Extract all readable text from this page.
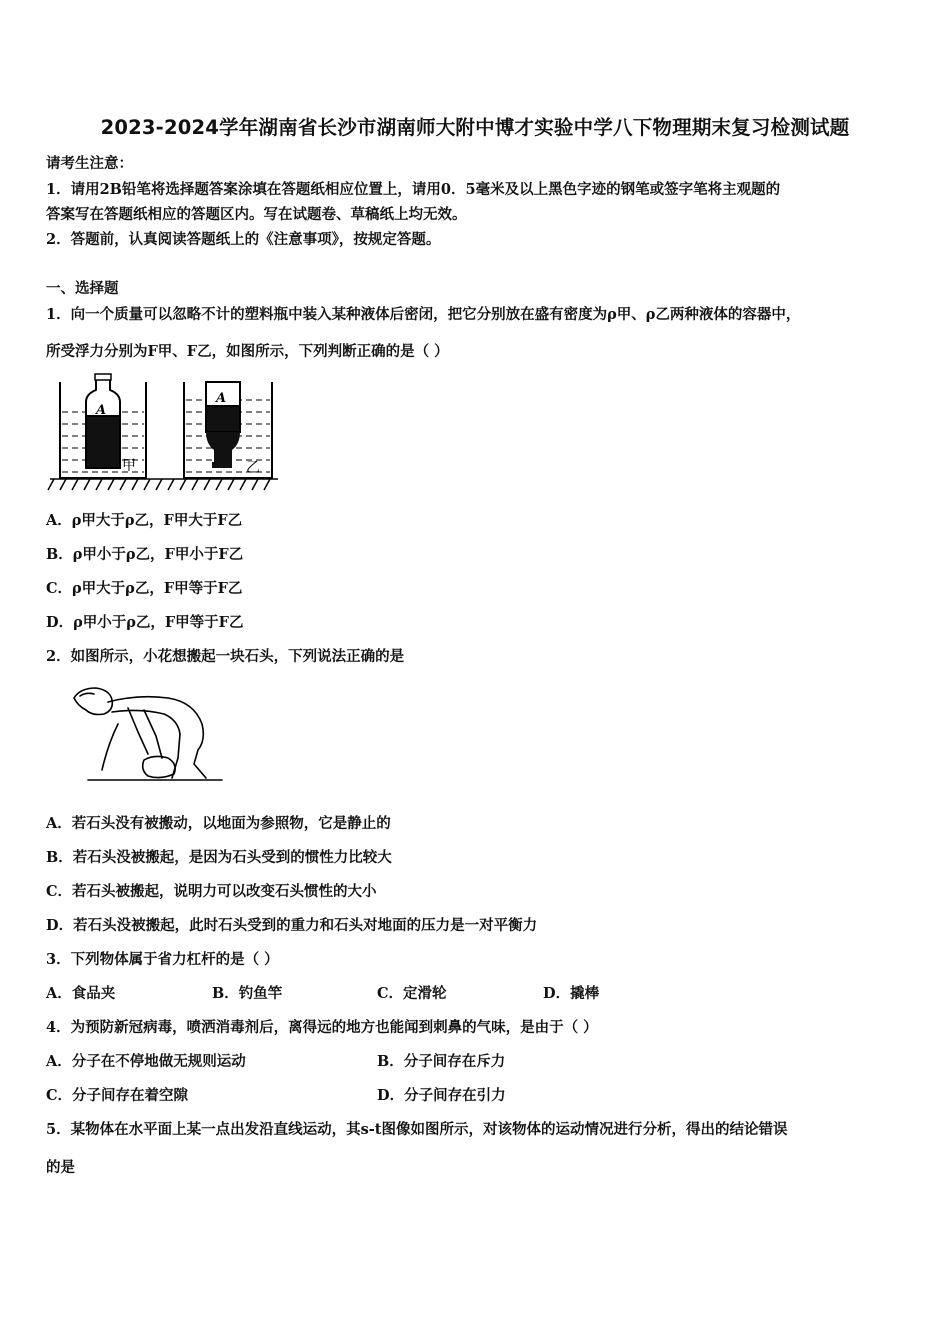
2023-2024学年湖南省长沙市湖南师大附中博才实验中学八下物理期末复习检测试题
请考生注意：
1．请用2B铅笔将选择题答案涂填在答题纸相应位置上，请用0．5毫米及以上黑色字迹的钢笔或签字笔将主观题的
答案写在答题纸相应的答题区内。写在试题卷、草稿纸上均无效。
2．答题前，认真阅读答题纸上的《注意事项》，按规定答题。
一、选择题
1．向一个质量可以忽略不计的塑料瓶中装入某种液体后密闭，把它分别放在盛有密度为ρ甲、ρ乙两种液体的容器中，
所受浮力分别为F甲、F乙，如图所示，下列判断正确的是（ ）
A
A
甲	乙
A．ρ甲大于ρ乙，F甲大于F乙
B．ρ甲小于ρ乙，F甲小于F乙
C．ρ甲大于ρ乙，F甲等于F乙
D．ρ甲小于ρ乙，F甲等于F乙
2．如图所示，小花想搬起一块石头，下列说法正确的是
A．若石头没有被搬动，以地面为参照物，它是静止的
B．若石头没被搬起，是因为石头受到的惯性力比较大
C．若石头被搬起，说明力可以改变石头惯性的大小
D．若石头没被搬起，此时石头受到的重力和石头对地面的压力是一对平衡力
3．下列物体属于省力杠杆的是（ ）
A．食品夹	B．钓鱼竿	C．定滑轮	D．撬棒
4．为预防新冠病毒，喷洒消毒剂后，离得远的地方也能闻到刺鼻的气味，是由于（ ）
A．分子在不停地做无规则运动	B．分子间存在斥力
C．分子间存在着空隙	D．分子间存在引力
5．某物体在水平面上某一点出发沿直线运动，其s-t图像如图所示，对该物体的运动情况进行分析，得出的结论错误
的是
